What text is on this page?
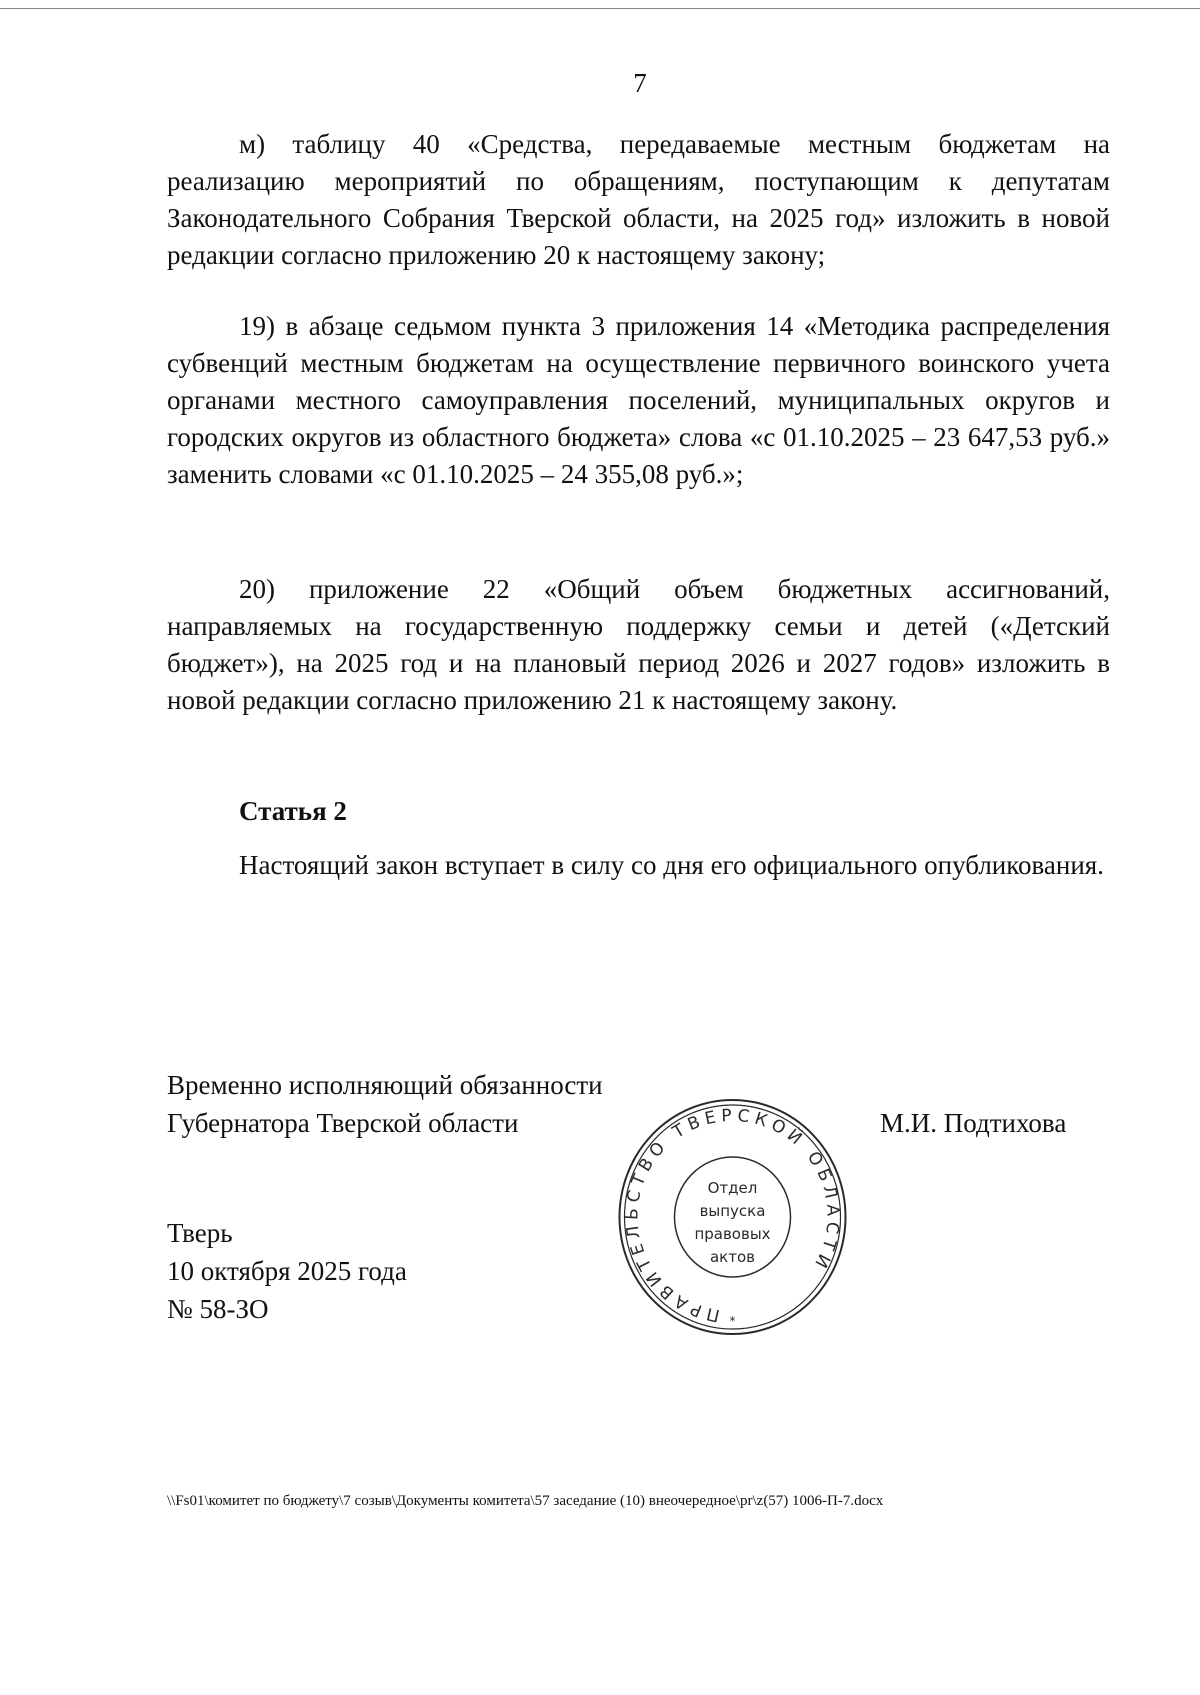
7

м) таблицу 40 «Средства, передаваемые местным бюджетам на реализацию мероприятий по обращениям, поступающим к депутатам Законодательного Собрания Тверской области, на 2025 год» изложить в новой редакции согласно приложению 20 к настоящему закону;

19) в абзаце седьмом пункта 3 приложения 14 «Методика распределения субвенций местным бюджетам на осуществление первичного воинского учета органами местного самоуправления поселений, муниципальных округов и городских округов из областного бюджета» слова «с 01.10.2025 – 23 647,53 руб.» заменить словами «с 01.10.2025 – 24 355,08 руб.»;

20) приложение 22 «Общий объем бюджетных ассигнований, направляемых на государственную поддержку семьи и детей («Детский бюджет»), на 2025 год и на плановый период 2026 и 2027 годов» изложить в новой редакции согласно приложению 21 к настоящему закону.

Статья 2

Настоящий закон вступает в силу со дня его официального опубликования.

Временно исполняющий обязанности
Губернатора Тверской области	М.И. Подтихова
Тверь
10 октября 2025 года
№ 58-ЗО	ПРАВИТЕЛЬСТВО ТВЕРСКОЙ ОБЛАСТИ
Отдел
выпуска
правовых
актов
*
\\Fs01\комитет по бюджету\7 созыв\Документы комитета\57 заседание (10) внеочередное\pr\z(57) 1006-П-7.docx
